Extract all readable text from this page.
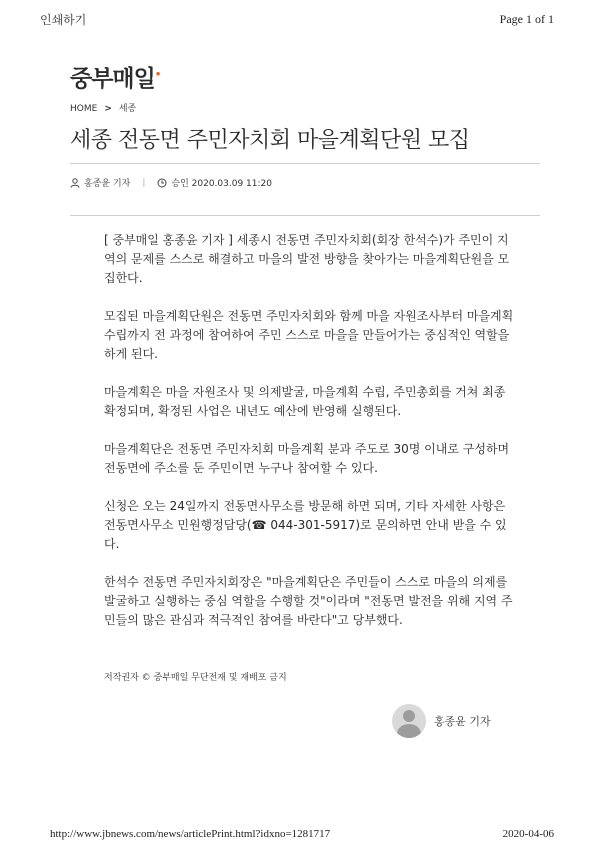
인쇄하기	Page 1 of 1
중부매일•
HOME > 세종
세종 전동면 주민자치회 마을계획단원 모집
홍종윤 기자 |	승인 2020.03.09 11:20

[ 중부매일 홍종윤 기자 ] 세종시 전동면 주민자치회(회장 한석수)가 주민이 지역의 문제를 스스로 해결하고 마을의 발전 방향을 찾아가는 마을계획단원을 모집한다.

모집된 마을계획단원은 전동면 주민자치회와 함께 마을 자원조사부터 마을계획 수립까지 전 과정에 참여하여 주민 스스로 마을을 만들어가는 중심적인 역할을 하게 된다.

마을계획은 마을 자원조사 및 의제발굴, 마을계획 수립, 주민총회를 거쳐 최종 확정되며, 확정된 사업은 내년도 예산에 반영해 실행된다.

마을계획단은 전동면 주민자치회 마을계획 분과 주도로 30명 이내로 구성하며 전동면에 주소를 둔 주민이면 누구나 참여할 수 있다.

신청은 오는 24일까지 전동면사무소를 방문해 하면 되며, 기타 자세한 사항은 전동면사무소 민원행정담당(☎ 044-301-5917)로 문의하면 안내 받을 수 있다.

한석수 전동면 주민자치회장은 "마을계획단은 주민들이 스스로 마을의 의제를 발굴하고 실행하는 중심 역할을 수행할 것"이라며 "전동면 발전을 위해 지역 주민들의 많은 관심과 적극적인 참여를 바란다"고 당부했다.

저작권자 © 중부매일 무단전재 및 재배포 금지
홍종윤 기자
http://www.jbnews.com/news/articlePrint.html?idxno=1281717	2020-04-06
